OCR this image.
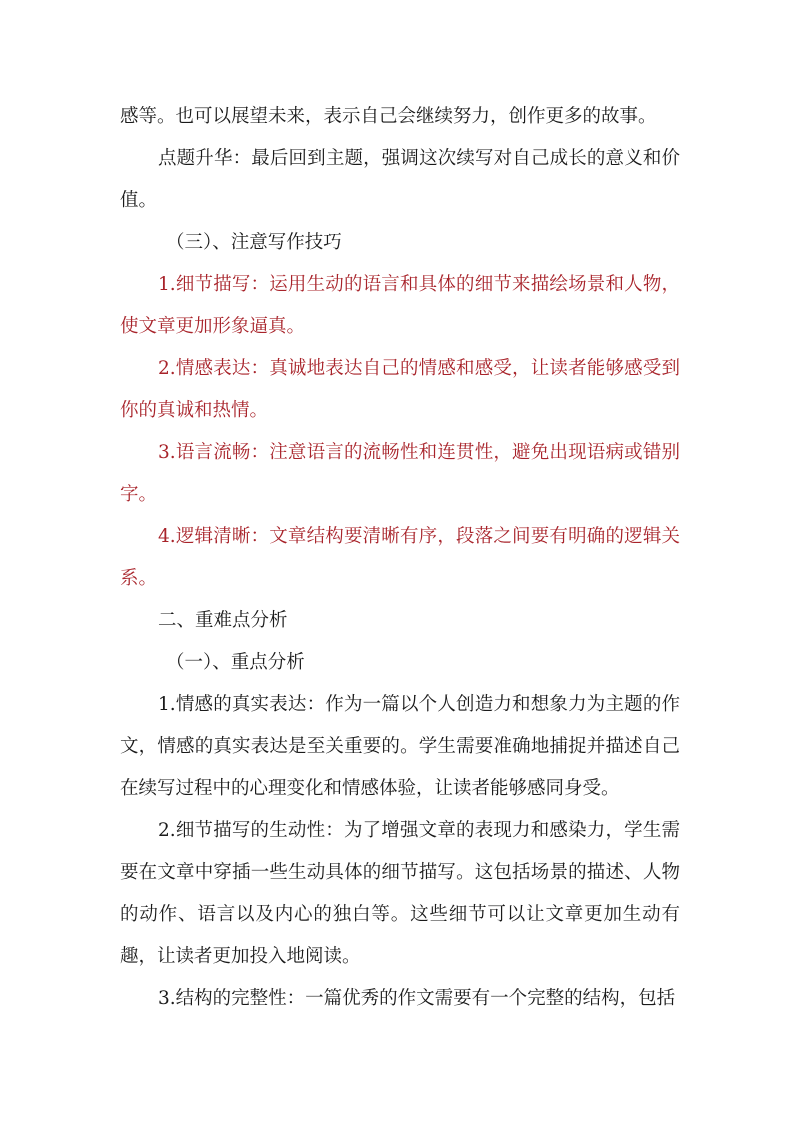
感等。也可以展望未来，表示自己会继续努力，创作更多的故事。

点题升华：最后回到主题，强调这次续写对自己成长的意义和价值。

（三）、注意写作技巧

1.细节描写：运用生动的语言和具体的细节来描绘场景和人物，使文章更加形象逼真。

2.情感表达：真诚地表达自己的情感和感受，让读者能够感受到你的真诚和热情。

3.语言流畅：注意语言的流畅性和连贯性，避免出现语病或错别字。

4.逻辑清晰：文章结构要清晰有序，段落之间要有明确的逻辑关系。

二、重难点分析

（一）、重点分析

1.情感的真实表达：作为一篇以个人创造力和想象力为主题的作文，情感的真实表达是至关重要的。学生需要准确地捕捉并描述自己在续写过程中的心理变化和情感体验，让读者能够感同身受。

2.细节描写的生动性：为了增强文章的表现力和感染力，学生需要在文章中穿插一些生动具体的细节描写。这包括场景的描述、人物的动作、语言以及内心的独白等。这些细节可以让文章更加生动有趣，让读者更加投入地阅读。

3.结构的完整性：一篇优秀的作文需要有一个完整的结构，包括
